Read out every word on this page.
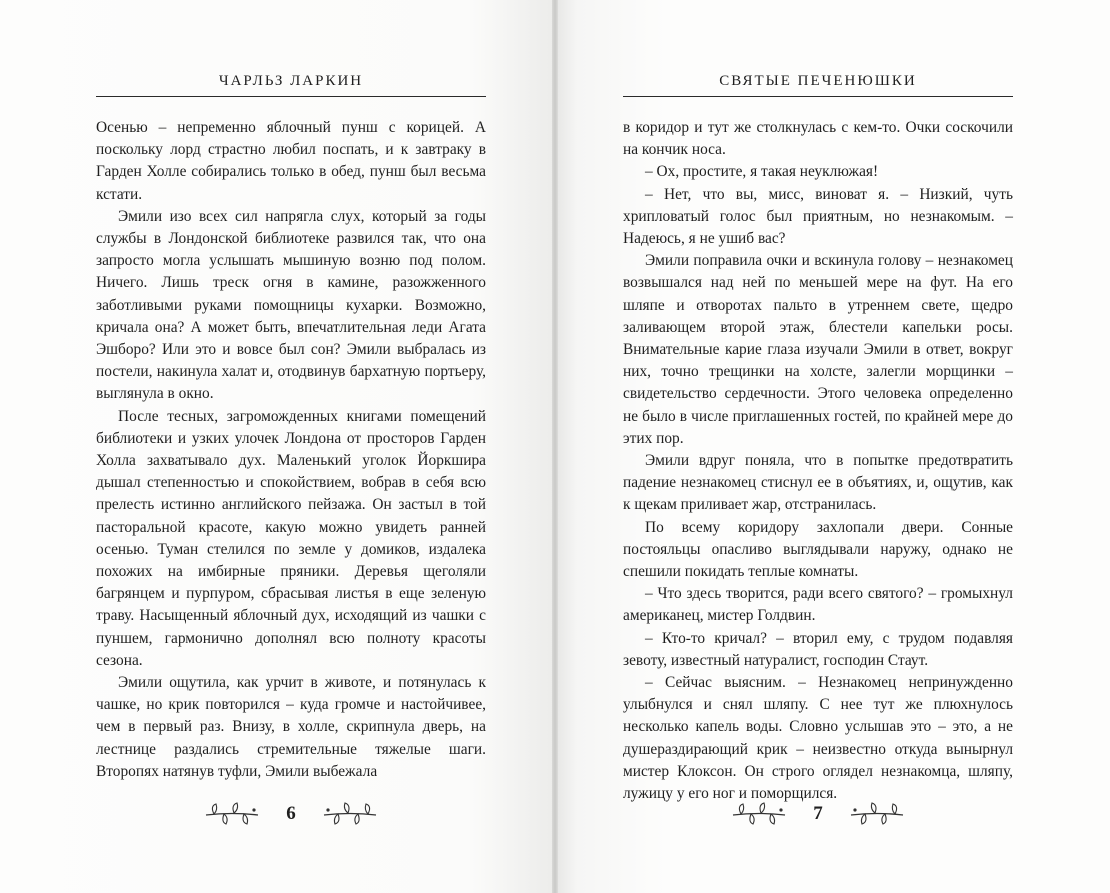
ЧАРЛЬЗ ЛАРКИН

Осенью – непременно яблочный пунш с корицей. А поскольку лорд страстно любил поспать, и к завтраку в Гарден Холле собирались только в обед, пунш был весьма кстати.

Эмили изо всех сил напрягла слух, который за годы службы в Лондонской библиотеке развился так, что она запросто могла услышать мышиную возню под полом. Ничего. Лишь треск огня в камине, разожженного заботливыми руками помощницы кухарки. Возможно, кричала она? А может быть, впечатлительная леди Агата Эшборо? Или это и вовсе был сон? Эмили выбралась из постели, накинула халат и, отодвинув бархатную портьеру, выглянула в окно.

После тесных, загроможденных книгами помещений библиотеки и узких улочек Лондона от просторов Гарден Холла захватывало дух. Маленький уголок Йоркшира дышал степенностью и спокойствием, вобрав в себя всю прелесть истинно английского пейзажа. Он застыл в той пасторальной красоте, какую можно увидеть ранней осенью. Туман стелился по земле у домиков, издалека похожих на имбирные пряники. Деревья щеголяли багрянцем и пурпуром, сбрасывая листья в еще зеленую траву. Насыщенный яблочный дух, исходящий из чашки с пуншем, гармонично дополнял всю полноту красоты сезона.

Эмили ощутила, как урчит в животе, и потянулась к чашке, но крик повторился – куда громче и настойчивее, чем в первый раз. Внизу, в холле, скрипнула дверь, на лестнице раздались стремительные тяжелые шаги. Второпях натянув туфли, Эмили выбежала

6
СВЯТЫЕ ПЕЧЕНЮШКИ

в коридор и тут же столкнулась с кем-то. Очки соскочили на кончик носа.

– Ох, простите, я такая неуклюжая!

– Нет, что вы, мисс, виноват я. – Низкий, чуть хрипловатый голос был приятным, но незнакомым. – Надеюсь, я не ушиб вас?

Эмили поправила очки и вскинула голову – незнакомец возвышался над ней по меньшей мере на фут. На его шляпе и отворотах пальто в утреннем свете, щедро заливающем второй этаж, блестели капельки росы. Внимательные карие глаза изучали Эмили в ответ, вокруг них, точно трещинки на холсте, залегли морщинки – свидетельство сердечности. Этого человека определенно не было в числе приглашенных гостей, по крайней мере до этих пор.

Эмили вдруг поняла, что в попытке предотвратить падение незнакомец стиснул ее в объятиях, и, ощутив, как к щекам приливает жар, отстранилась.

По всему коридору захлопали двери. Сонные постояльцы опасливо выглядывали наружу, однако не спешили покидать теплые комнаты.

– Что здесь творится, ради всего святого? – громыхнул американец, мистер Голдвин.

– Кто-то кричал? – вторил ему, с трудом подавляя зевоту, известный натуралист, господин Стаут.

– Сейчас выясним. – Незнакомец непринужденно улыбнулся и снял шляпу. С нее тут же плюхнулось несколько капель воды. Словно услышав это – это, а не душераздирающий крик – неизвестно откуда вынырнул мистер Клоксон. Он строго оглядел незнакомца, шляпу, лужицу у его ног и поморщился.

7
